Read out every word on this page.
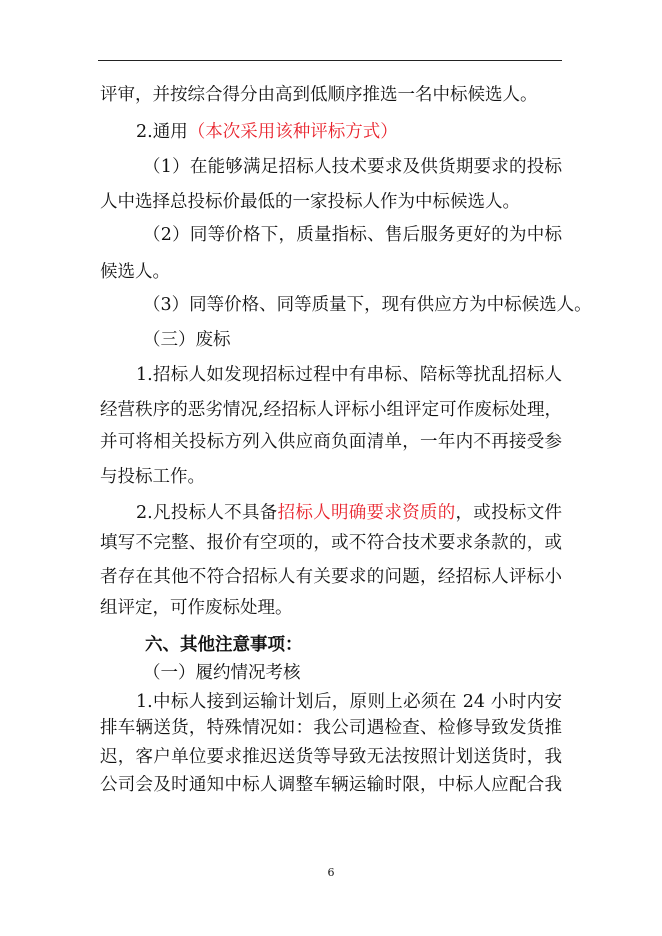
评审，并按综合得分由高到低顺序推选一名中标候选人。
2.通用（本次采用该种评标方式）
（1）在能够满足招标人技术要求及供货期要求的投标
人中选择总投标价最低的一家投标人作为中标候选人。
（2）同等价格下，质量指标、售后服务更好的为中标
候选人。
（3）同等价格、同等质量下，现有供应方为中标候选人。
（三）废标
1.招标人如发现招标过程中有串标、陪标等扰乱招标人
经营秩序的恶劣情况,经招标人评标小组评定可作废标处理，
并可将相关投标方列入供应商负面清单，一年内不再接受参
与投标工作。
2.凡投标人不具备招标人明确要求资质的，或投标文件
填写不完整、报价有空项的，或不符合技术要求条款的，或
者存在其他不符合招标人有关要求的问题，经招标人评标小
组评定，可作废标处理。
六、其他注意事项：
（一）履约情况考核
1.中标人接到运输计划后，原则上必须在 24 小时内安
排车辆送货，特殊情况如：我公司遇检查、检修导致发货推
迟，客户单位要求推迟送货等导致无法按照计划送货时，我
公司会及时通知中标人调整车辆运输时限，中标人应配合我
6
